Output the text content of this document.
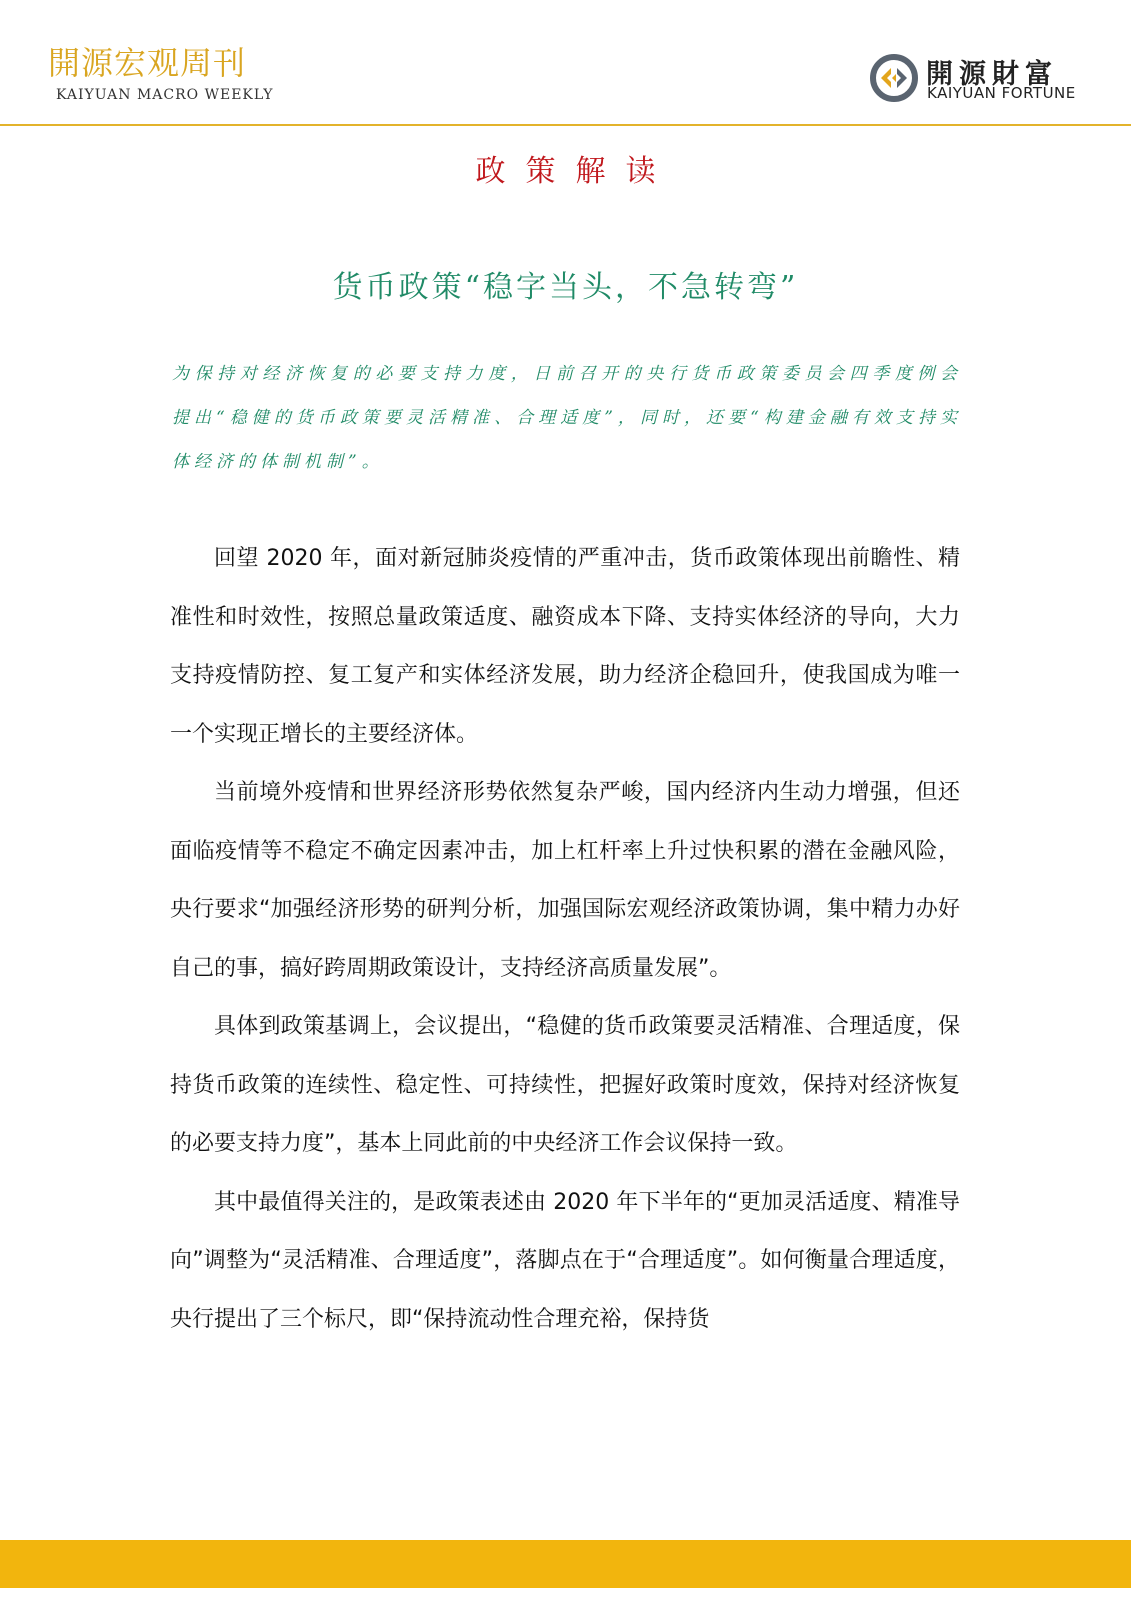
開源宏观周刊
KAIYUAN MACRO WEEKLY
開源財富
KAIYUAN FORTUNE
政策解读
货币政策“稳字当头，不急转弯”
为保持对经济恢复的必要支持力度，日前召开的央行货币政策委员会四季度例会提出“稳健的货币政策要灵活精准、合理适度”，同时，还要“构建金融有效支持实体经济的体制机制”。

回望 2020 年，面对新冠肺炎疫情的严重冲击，货币政策体现出前瞻性、精准性和时效性，按照总量政策适度、融资成本下降、支持实体经济的导向，大力支持疫情防控、复工复产和实体经济发展，助力经济企稳回升，使我国成为唯一一个实现正增长的主要经济体。

当前境外疫情和世界经济形势依然复杂严峻，国内经济内生动力增强，但还面临疫情等不稳定不确定因素冲击，加上杠杆率上升过快积累的潜在金融风险，央行要求“加强经济形势的研判分析，加强国际宏观经济政策协调，集中精力办好自己的事，搞好跨周期政策设计，支持经济高质量发展”。

具体到政策基调上，会议提出，“稳健的货币政策要灵活精准、合理适度，保持货币政策的连续性、稳定性、可持续性，把握好政策时度效，保持对经济恢复的必要支持力度”，基本上同此前的中央经济工作会议保持一致。

其中最值得关注的，是政策表述由 2020 年下半年的“更加灵活适度、精准导向”调整为“灵活精准、合理适度”，落脚点在于“合理适度”。如何衡量合理适度，央行提出了三个标尺，即“保持流动性合理充裕，保持货
